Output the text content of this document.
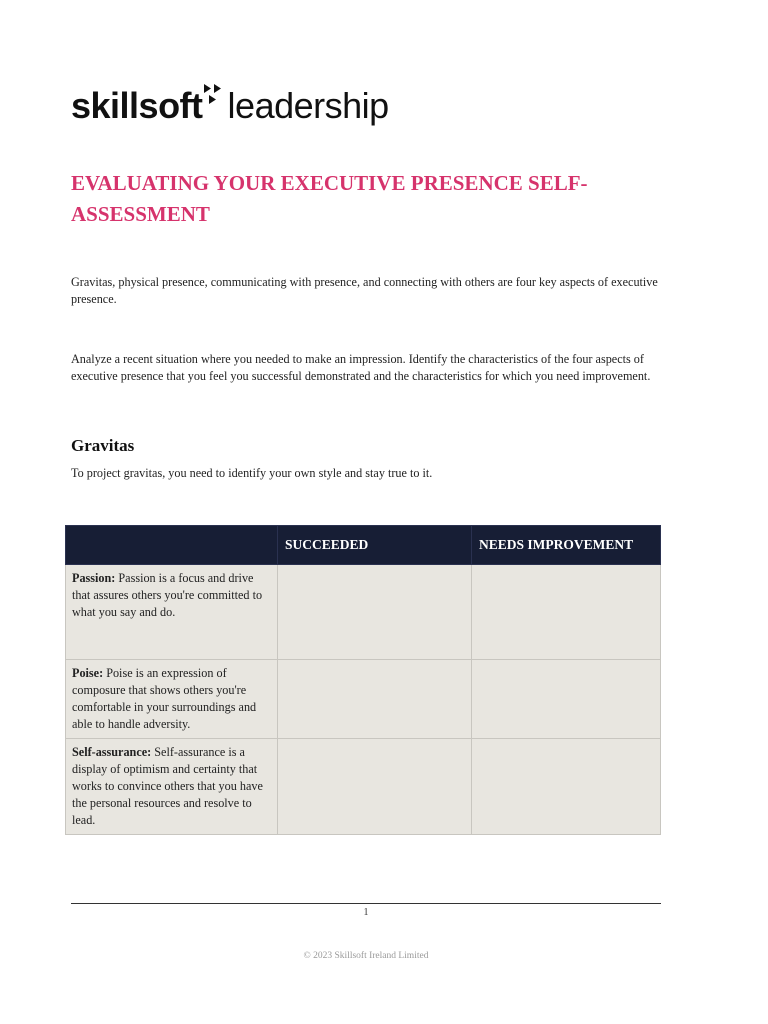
skillsoft leadership
EVALUATING YOUR EXECUTIVE PRESENCE SELF-ASSESSMENT

Gravitas, physical presence, communicating with presence, and connecting with others are four key aspects of executive presence.

Analyze a recent situation where you needed to make an impression. Identify the characteristics of the four aspects of executive presence that you feel you successful demonstrated and the characteristics for which you need improvement.

Gravitas

To project gravitas, you need to identify your own style and stay true to it.

	SUCCEEDED	NEEDS IMPROVEMENT
Passion: Passion is a focus and drive that assures others you're committed to what you say and do.		
Poise: Poise is an expression of composure that shows others you're comfortable in your surroundings and able to handle adversity.		
Self-assurance: Self-assurance is a display of optimism and certainty that works to convince others that you have the personal resources and resolve to lead.		
1
© 2023 Skillsoft Ireland Limited
